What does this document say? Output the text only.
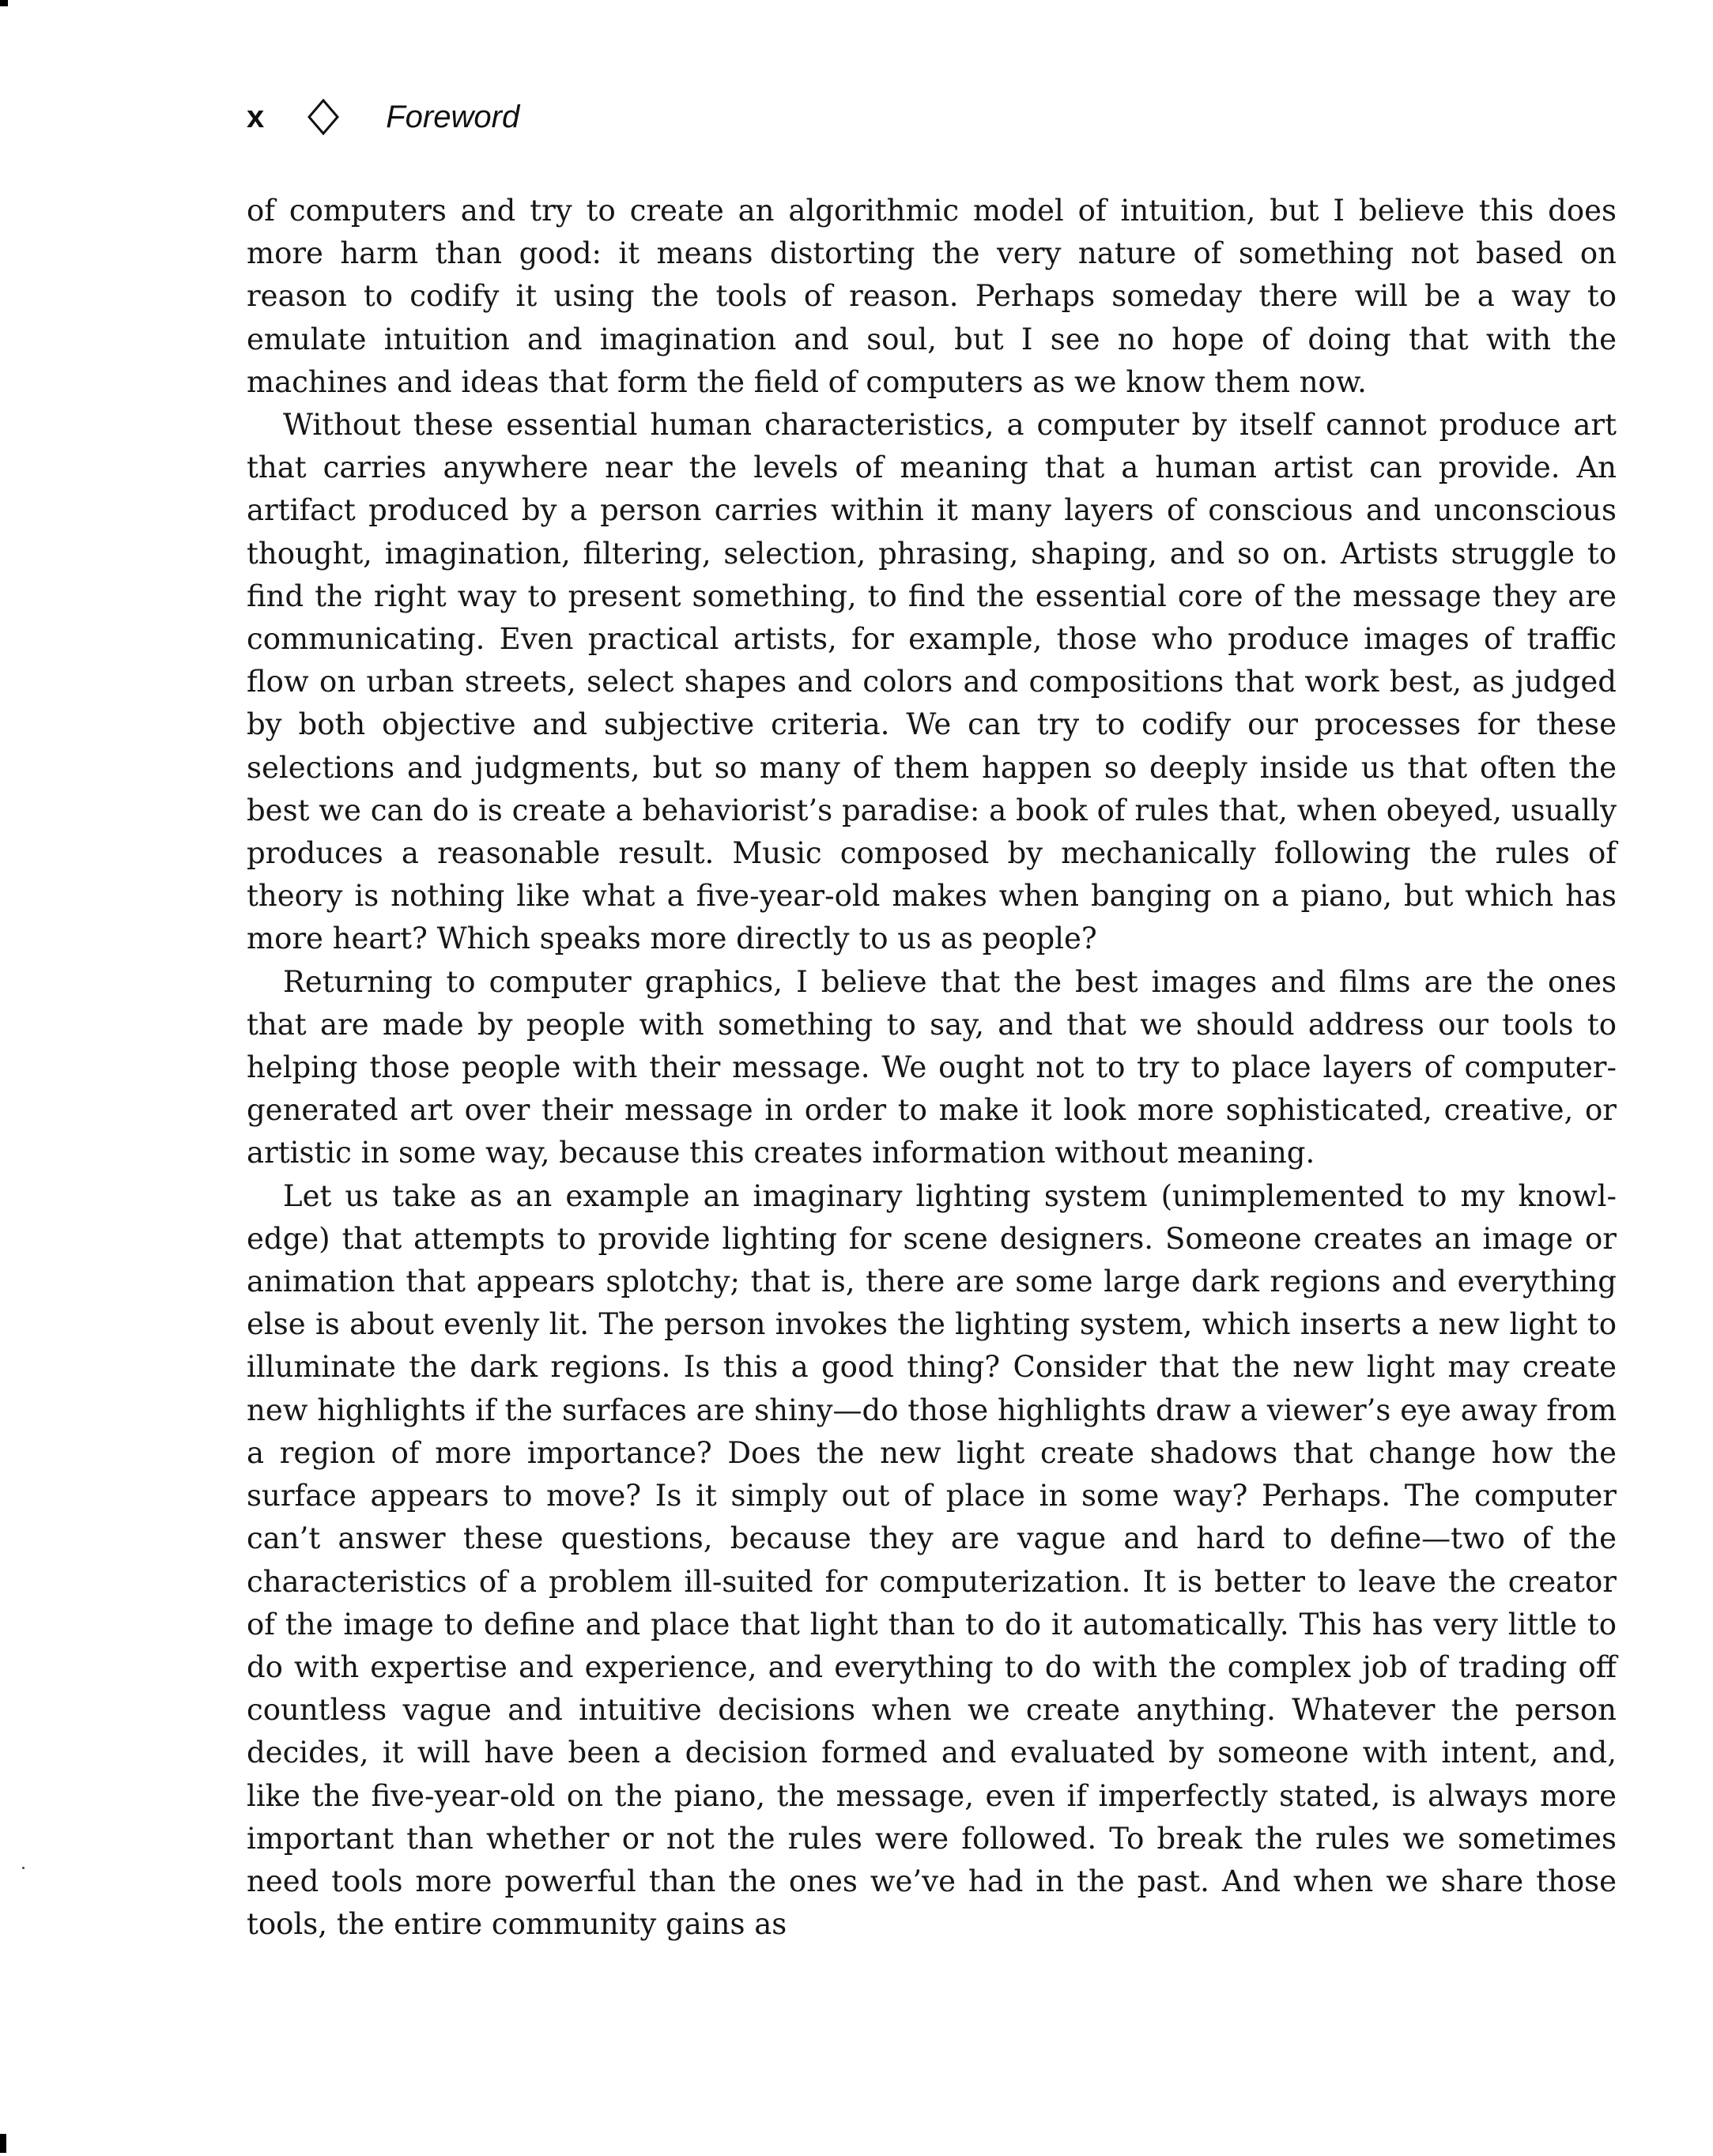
x	Foreword

of computers and try to create an algorithmic model of intuition, but I believe this does more harm than good: it means distorting the very nature of something not based on reason to codify it using the tools of reason. Perhaps someday there will be a way to emulate intuition and imagination and soul, but I see no hope of doing that with the machines and ideas that form the field of computers as we know them now.

Without these essential human characteristics, a computer by itself cannot produce art that carries anywhere near the levels of meaning that a human artist can provide. An artifact produced by a person carries within it many layers of conscious and unconscious thought, imagination, filtering, selection, phrasing, shaping, and so on. Artists struggle to find the right way to present something, to find the essential core of the message they are communicating. Even practical artists, for example, those who produce images of traffic flow on urban streets, select shapes and colors and compositions that work best, as judged by both objective and subjective criteria. We can try to codify our processes for these selections and judgments, but so many of them happen so deeply inside us that often the best we can do is create a behaviorist’s paradise: a book of rules that, when obeyed, usually produces a reasonable result. Music composed by mechanically following the rules of theory is nothing like what a five-year-old makes when banging on a piano, but which has more heart? Which speaks more directly to us as people?

Returning to computer graphics, I believe that the best images and films are the ones that are made by people with something to say, and that we should address our tools to helping those people with their message. We ought not to try to place layers of computer-generated art over their message in order to make it look more sophisticated, creative, or artistic in some way, because this creates information without meaning.

Let us take as an example an imaginary lighting system (unimplemented to my knowledge) that attempts to provide lighting for scene designers. Someone creates an image or animation that appears splotchy; that is, there are some large dark regions and everything else is about evenly lit. The person invokes the lighting system, which inserts a new light to illuminate the dark regions. Is this a good thing? Consider that the new light may create new highlights if the surfaces are shiny—do those highlights draw a viewer’s eye away from a region of more importance? Does the new light create shadows that change how the surface appears to move? Is it simply out of place in some way? Perhaps. The computer can’t answer these questions, because they are vague and hard to define—two of the characteristics of a problem ill-suited for computerization. It is better to leave the creator of the image to define and place that light than to do it automatically. This has very little to do with expertise and experience, and everything to do with the complex job of trading off countless vague and intuitive decisions when we create anything. Whatever the person decides, it will have been a decision formed and evaluated by someone with intent, and, like the five-year-old on the piano, the message, even if imperfectly stated, is always more important than whether or not the rules were followed. To break the rules we sometimes need tools more powerful than the ones we’ve had in the past. And when we share those tools, the entire community gains as
